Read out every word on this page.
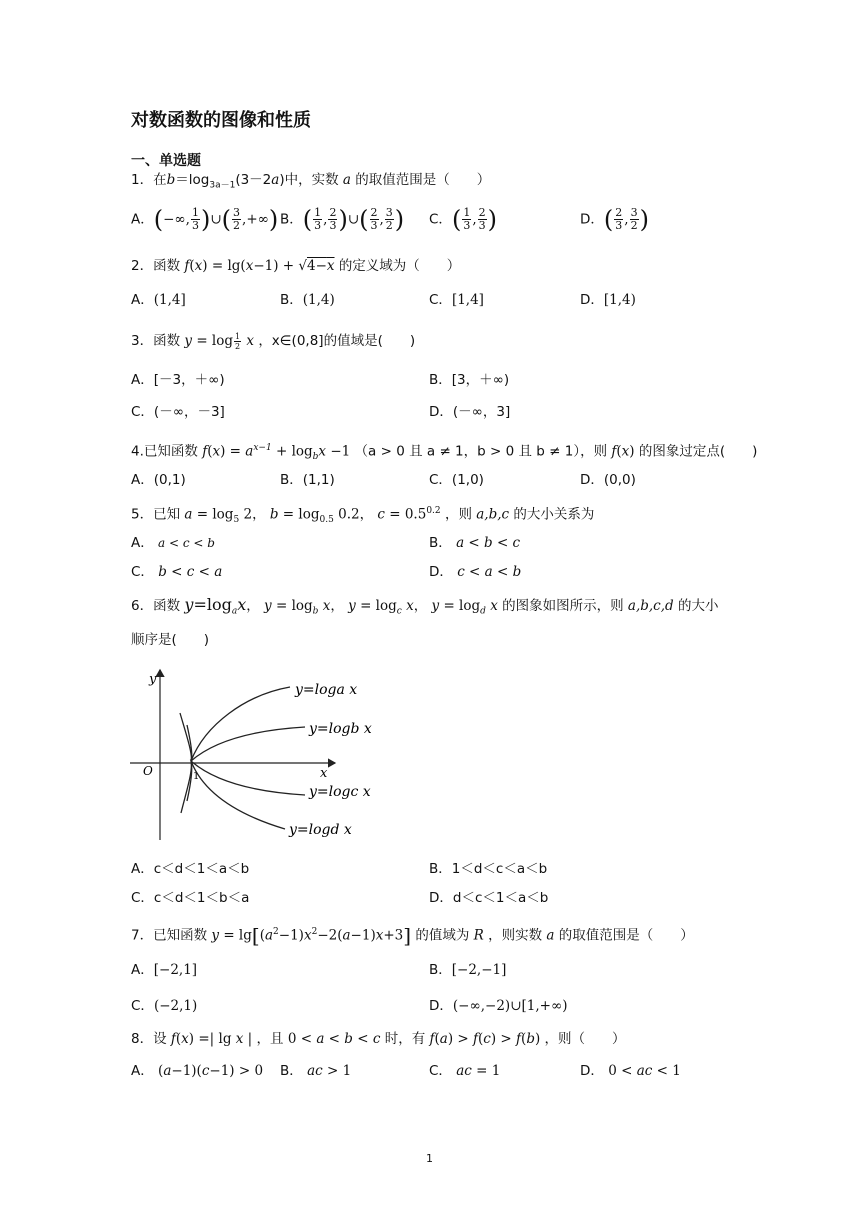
对数函数的图像和性质
一、单选题
1．在$b=\log_{3a-1}(3-2a)$中，实数 a 的取值范围是（　　）
A．(−∞, $\frac{1}{3}$ )∪( $\frac{3}{2}$ ,+∞) B．( $\frac{1}{3}$ , $\frac{2}{3}$ )∪( $\frac{2}{3}$ , $\frac{3}{2}$ ) C．( $\frac{1}{3}$ , $\frac{2}{3}$ )	D．( $\frac{2}{3}$ , $\frac{3}{2}$ )
2．函数 f(x) = lg(x−1) + √4−x 的定义域为（　　）
A．(1,4]	B．(1,4)	C．[1,4]	D．[1,4)
3．函数 $y = \log \frac{1}{2}$ x ，x∈(0,8]的值域是(　　)
A．[－3，＋∞)	B．[3，＋∞)
C．(－∞，－3]	D．(－∞，3]
4.已知函数 $f(x) = a^{x-1} + \log_bx -1$ （a > 0 且 a ≠ 1，b > 0 且 b ≠ 1），则 f(x) 的图象过定点(　　)
A．(0,1)	B．(1,1)	C．(1,0)	D．(0,0)
5．已知 $a = \log_5 2$， $b = \log_{0.5} 0.2$， $c = 0.5^{0.2}$ ，则 a,b,c 的大小关系为
A． a < c < b	B． a < b < c
C． b < c < a	D． c < a < b
6．函数 $y=\log_ax$， $y = \log_b x$， $y = \log_c x$， $y = \log_d x$ 的图象如图所示，则 a,b,c,d 的大小
顺序是(　　)
y
x
O	1
y=loga x
y=logb x
y=logc x
y=logd x
A．c＜d＜1＜a＜b	B．1＜d＜c＜a＜b
C．c＜d＜1＜b＜a	D．d＜c＜1＜a＜b
7．已知函数 $y = \lg[(a^2-1)x^2-2(a-1)x+3]$ 的值域为 R ，则实数 a 的取值范围是（　　）
A．[−2,1]	B．[−2,−1]
C．(−2,1)	D．(−∞,−2)∪[1,+∞)
8．设 f(x) =| lg x | ，且 0 < a < b < c 时，有 f(a) > f(c) > f(b) ，则（　　）
A． (a−1)(c−1) > 0 B． ac > 1	C． ac = 1	D． 0 < ac < 1
1
